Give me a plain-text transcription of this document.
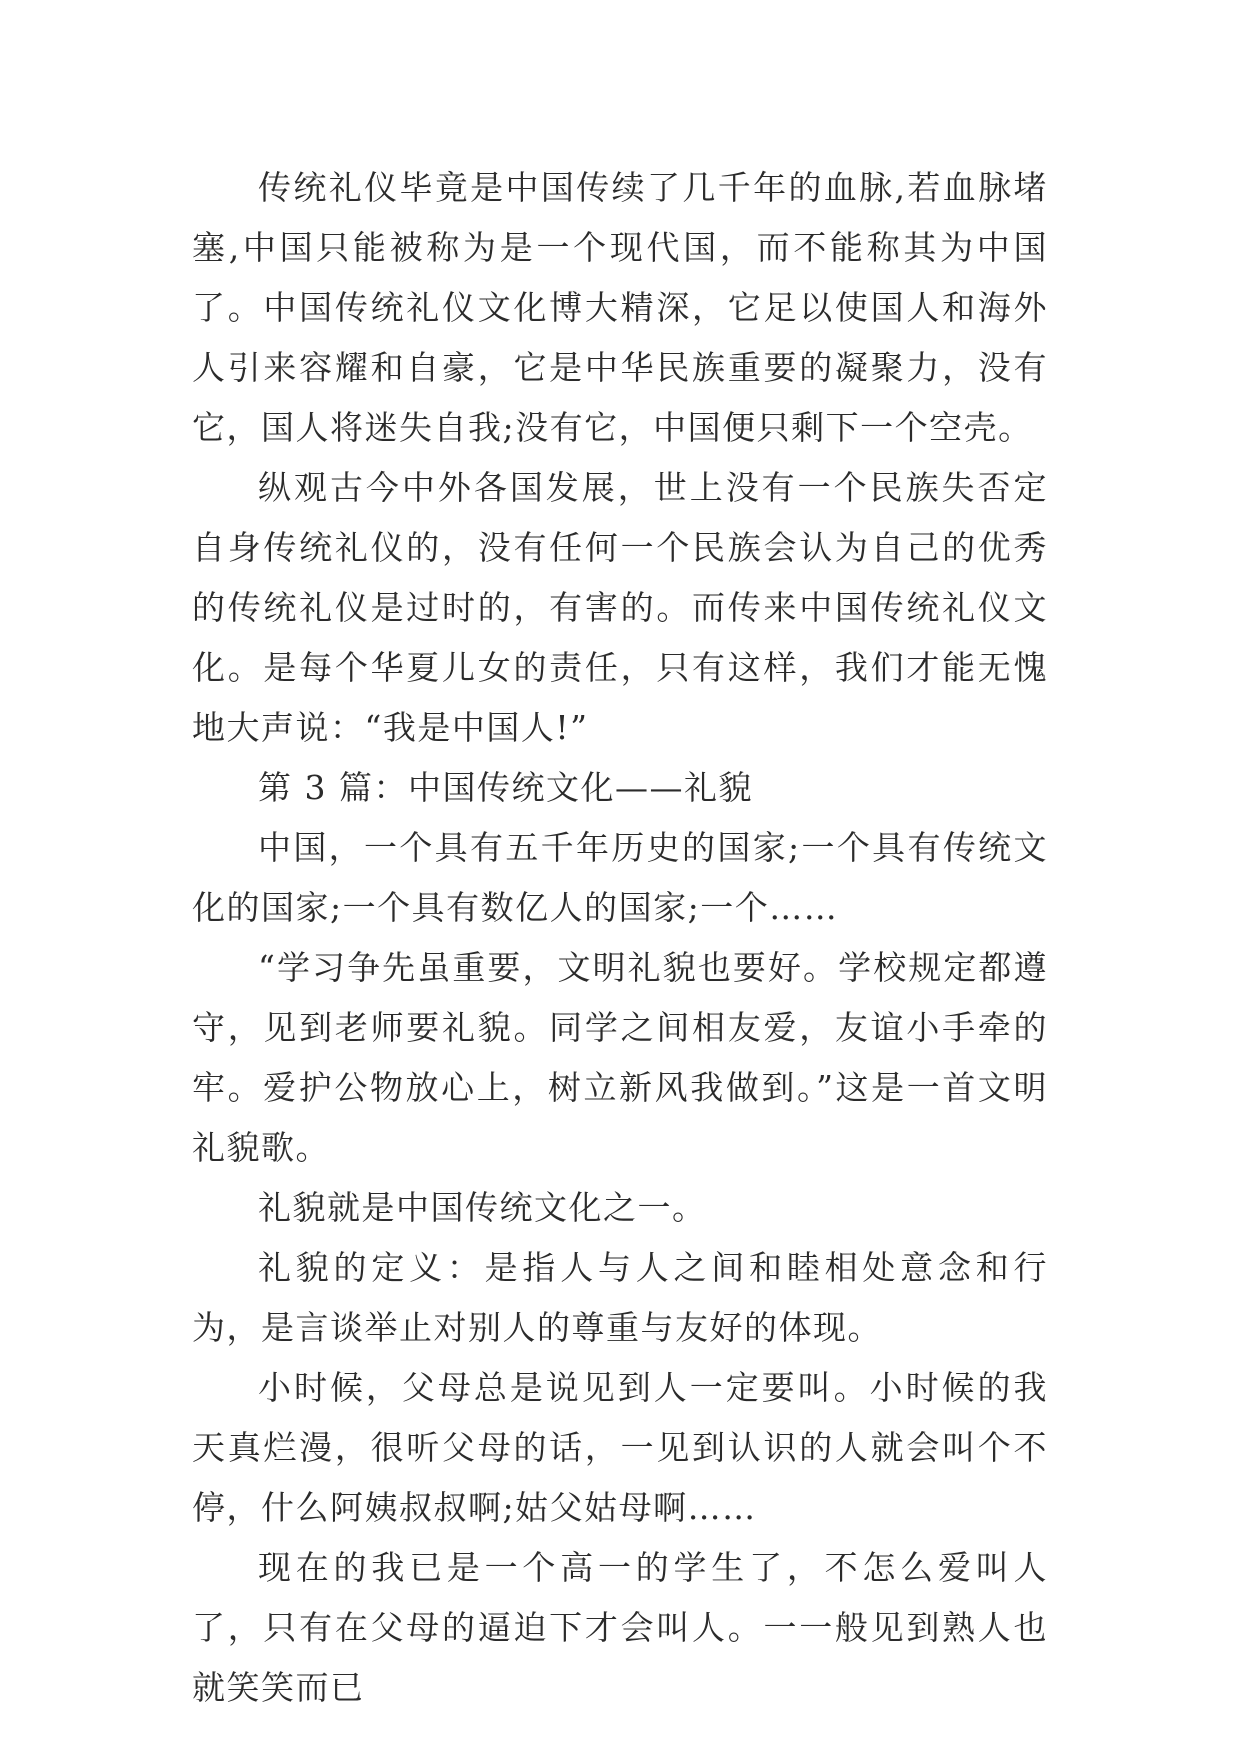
传统礼仪毕竟是中国传续了几千年的血脉,若血脉堵塞,中国只能被称为是一个现代国，而不能称其为中国了。中国传统礼仪文化博大精深，它足以使国人和海外人引来容耀和自豪，它是中华民族重要的凝聚力，没有它，国人将迷失自我;没有它，中国便只剩下一个空壳。

纵观古今中外各国发展，世上没有一个民族失否定自身传统礼仪的，没有任何一个民族会认为自己的优秀的传统礼仪是过时的，有害的。而传来中国传统礼仪文化。是每个华夏儿女的责任，只有这样，我们才能无愧地大声说：“我是中国人!”

第 3 篇：中国传统文化——礼貌

中国，一个具有五千年历史的国家;一个具有传统文化的国家;一个具有数亿人的国家;一个……

“学习争先虽重要，文明礼貌也要好。学校规定都遵守，见到老师要礼貌。同学之间相友爱，友谊小手牵的牢。爱护公物放心上，树立新风我做到。”这是一首文明礼貌歌。

礼貌就是中国传统文化之一。

礼貌的定义：是指人与人之间和睦相处意念和行为，是言谈举止对别人的尊重与友好的体现。

小时候，父母总是说见到人一定要叫。小时候的我天真烂漫，很听父母的话，一见到认识的人就会叫个不停，什么阿姨叔叔啊;姑父姑母啊……

现在的我已是一个高一的学生了，不怎么爱叫人了，只有在父母的逼迫下才会叫人。一一般见到熟人也就笑笑而已
